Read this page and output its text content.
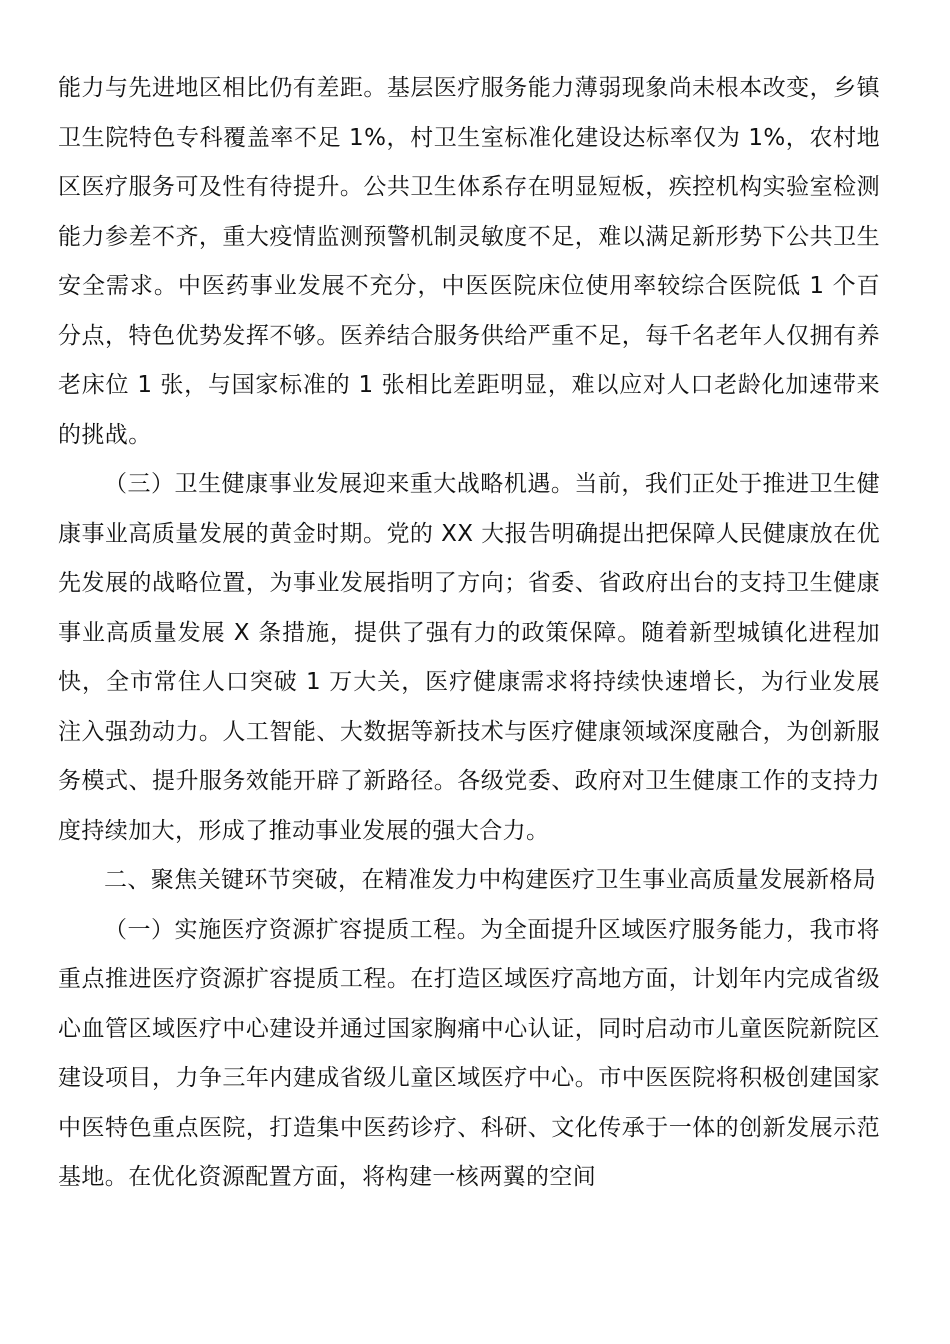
能力与先进地区相比仍有差距。基层医疗服务能力薄弱现象尚未根本改变，乡镇卫生院特色专科覆盖率不足 1%，村卫生室标准化建设达标率仅为 1%，农村地区医疗服务可及性有待提升。公共卫生体系存在明显短板，疾控机构实验室检测能力参差不齐，重大疫情监测预警机制灵敏度不足，难以满足新形势下公共卫生安全需求。中医药事业发展不充分，中医医院床位使用率较综合医院低 1 个百分点，特色优势发挥不够。医养结合服务供给严重不足，每千名老年人仅拥有养老床位 1 张，与国家标准的 1 张相比差距明显，难以应对人口老龄化加速带来的挑战。

（三）卫生健康事业发展迎来重大战略机遇。当前，我们正处于推进卫生健康事业高质量发展的黄金时期。党的 XX 大报告明确提出把保障人民健康放在优先发展的战略位置，为事业发展指明了方向；省委、省政府出台的支持卫生健康事业高质量发展 X 条措施，提供了强有力的政策保障。随着新型城镇化进程加快，全市常住人口突破 1 万大关，医疗健康需求将持续快速增长，为行业发展注入强劲动力。人工智能、大数据等新技术与医疗健康领域深度融合，为创新服务模式、提升服务效能开辟了新路径。各级党委、政府对卫生健康工作的支持力度持续加大，形成了推动事业发展的强大合力。

二、聚焦关键环节突破，在精准发力中构建医疗卫生事业高质量发展新格局

（一）实施医疗资源扩容提质工程。为全面提升区域医疗服务能力，我市将重点推进医疗资源扩容提质工程。在打造区域医疗高地方面，计划年内完成省级心血管区域医疗中心建设并通过国家胸痛中心认证，同时启动市儿童医院新院区建设项目，力争三年内建成省级儿童区域医疗中心。市中医医院将积极创建国家中医特色重点医院，打造集中医药诊疗、科研、文化传承于一体的创新发展示范基地。在优化资源配置方面，将构建一核两翼的空间
